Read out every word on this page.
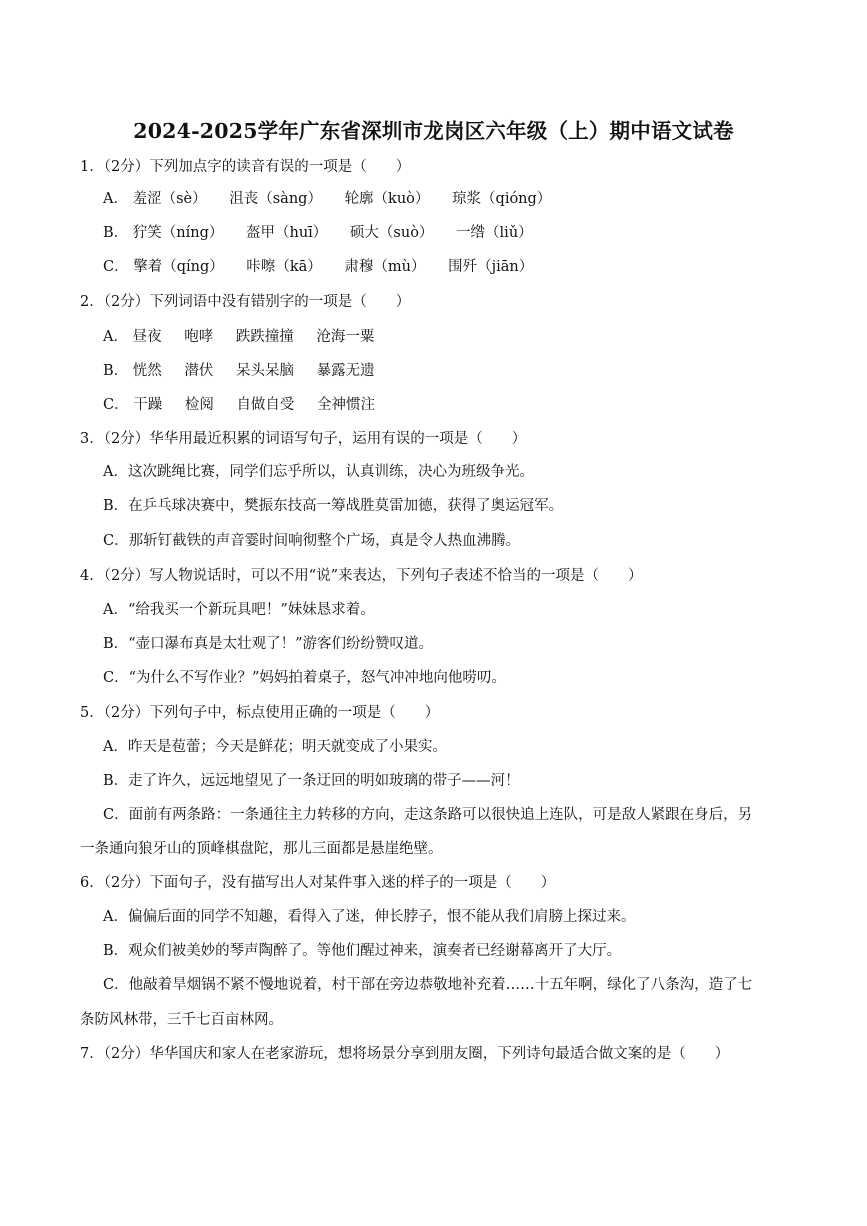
2024-2025学年广东省深圳市龙岗区六年级（上）期中语文试卷
1．（2分）下列加点字的读音有误的一项是（　　）
A． 羞涩（sè） 沮丧（sàng） 轮廓（kuò） 琼浆（qióng）
B． 狞笑（níng） 盔甲（huī） 硕大（suò） 一绺（liǔ）
C． 擎着（qíng） 咔嚓（kā） 肃穆（mù） 围歼（jiān）
2．（2分）下列词语中没有错别字的一项是（　　）
A． 昼夜 咆哮 跌跌撞撞 沧海一粟
B． 恍然 潜伏 呆头呆脑 暴露无遗
C． 干躁 检阅 自做自受 全神惯注
3．（2分）华华用最近积累的词语写句子，运用有误的一项是（　　）
A．这次跳绳比赛，同学们忘乎所以，认真训练，决心为班级争光。
B．在乒乓球决赛中，樊振东技高一筹战胜莫雷加德，获得了奥运冠军。
C．那斩钉截铁的声音霎时间响彻整个广场，真是令人热血沸腾。
4．（2分）写人物说话时，可以不用“说”来表达，下列句子表述不恰当的一项是（　　）
A．“给我买一个新玩具吧！”妹妹恳求着。
B．“壶口瀑布真是太壮观了！”游客们纷纷赞叹道。
C．“为什么不写作业？”妈妈拍着桌子，怒气冲冲地向他唠叨。
5．（2分）下列句子中，标点使用正确的一项是（　　）
A．昨天是苞蕾；今天是鲜花；明天就变成了小果实。
B．走了许久，远远地望见了一条迂回的明如玻璃的带子——河！
C．面前有两条路：一条通往主力转移的方向，走这条路可以很快追上连队，可是敌人紧跟在身后，另
一条通向狼牙山的顶峰棋盘陀，那儿三面都是悬崖绝壁。
6．（2分）下面句子，没有描写出人对某件事入迷的样子的一项是（　　）
A．偏偏后面的同学不知趣，看得入了迷，伸长脖子，恨不能从我们肩膀上探过来。
B．观众们被美妙的琴声陶醉了。等他们醒过神来，演奏者已经谢幕离开了大厅。
C．他敲着旱烟锅不紧不慢地说着，村干部在旁边恭敬地补充着……十五年啊，绿化了八条沟，造了七
条防风林带，三千七百亩林网。
7．（2分）华华国庆和家人在老家游玩，想将场景分享到朋友圈，下列诗句最适合做文案的是（　　）
